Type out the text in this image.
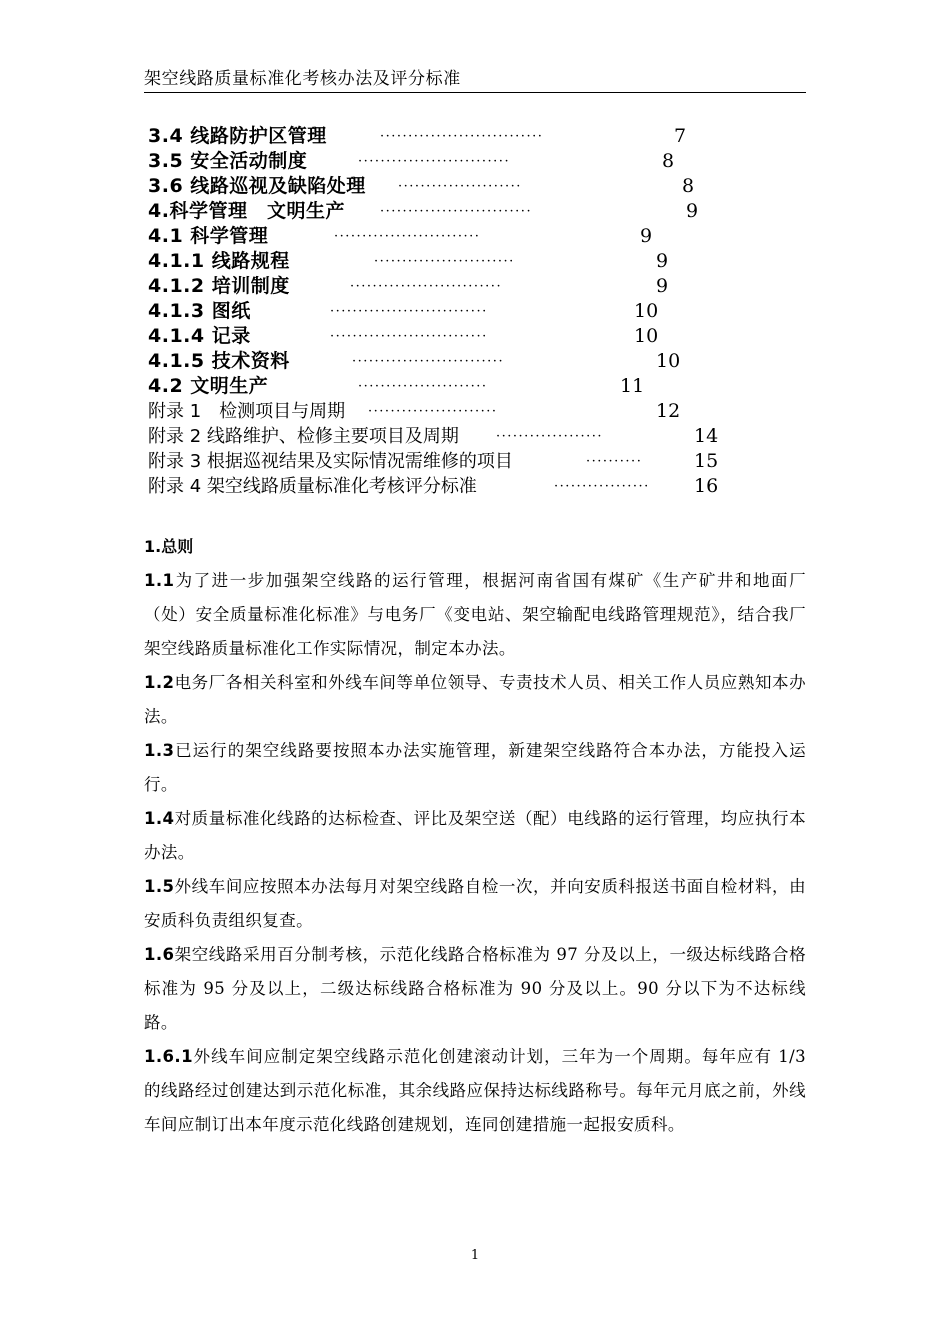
架空线路质量标准化考核办法及评分标准
3.4 线路防护区管理	·····························	7
3.5 安全活动制度	···························	8
3.6 线路巡视及缺陷处理 ······················	8
4.科学管理　文明生产	···························	9
4.1 科学管理	··························	9
4.1.1 线路规程	·························	9
4.1.2 培训制度	···························	9
4.1.3 图纸	····························	10
4.1.4 记录	····························	10
4.1.5 技术资料	···························	10
4.2 文明生产	·······················	11
附录 1　检测项目与周期 ·······················	12
附录 2 线路维护、检修主要项目及周期	···················	14
附录 3 根据巡视结果及实际情况需维修的项目	··········	15
附录 4 架空线路质量标准化考核评分标准	················· 16
1.总则
1.1为了进一步加强架空线路的运行管理，根据河南省国有煤矿《生产矿井和地面厂（处）安全质量标准化标准》与电务厂《变电站、架空输配电线路管理规范》，结合我厂架空线路质量标准化工作实际情况，制定本办法。
1.2电务厂各相关科室和外线车间等单位领导、专责技术人员、相关工作人员应熟知本办法。
1.3已运行的架空线路要按照本办法实施管理，新建架空线路符合本办法，方能投入运行。
1.4对质量标准化线路的达标检查、评比及架空送（配）电线路的运行管理，均应执行本办法。
1.5外线车间应按照本办法每月对架空线路自检一次，并向安质科报送书面自检材料，由安质科负责组织复查。
1.6架空线路采用百分制考核，示范化线路合格标准为 97 分及以上，一级达标线路合格标准为 95 分及以上，二级达标线路合格标准为 90 分及以上。90 分以下为不达标线路。
1.6.1外线车间应制定架空线路示范化创建滚动计划，三年为一个周期。每年应有 1/3 的线路经过创建达到示范化标准，其余线路应保持达标线路称号。每年元月底之前，外线车间应制订出本年度示范化线路创建规划，连同创建措施一起报安质科。
1
